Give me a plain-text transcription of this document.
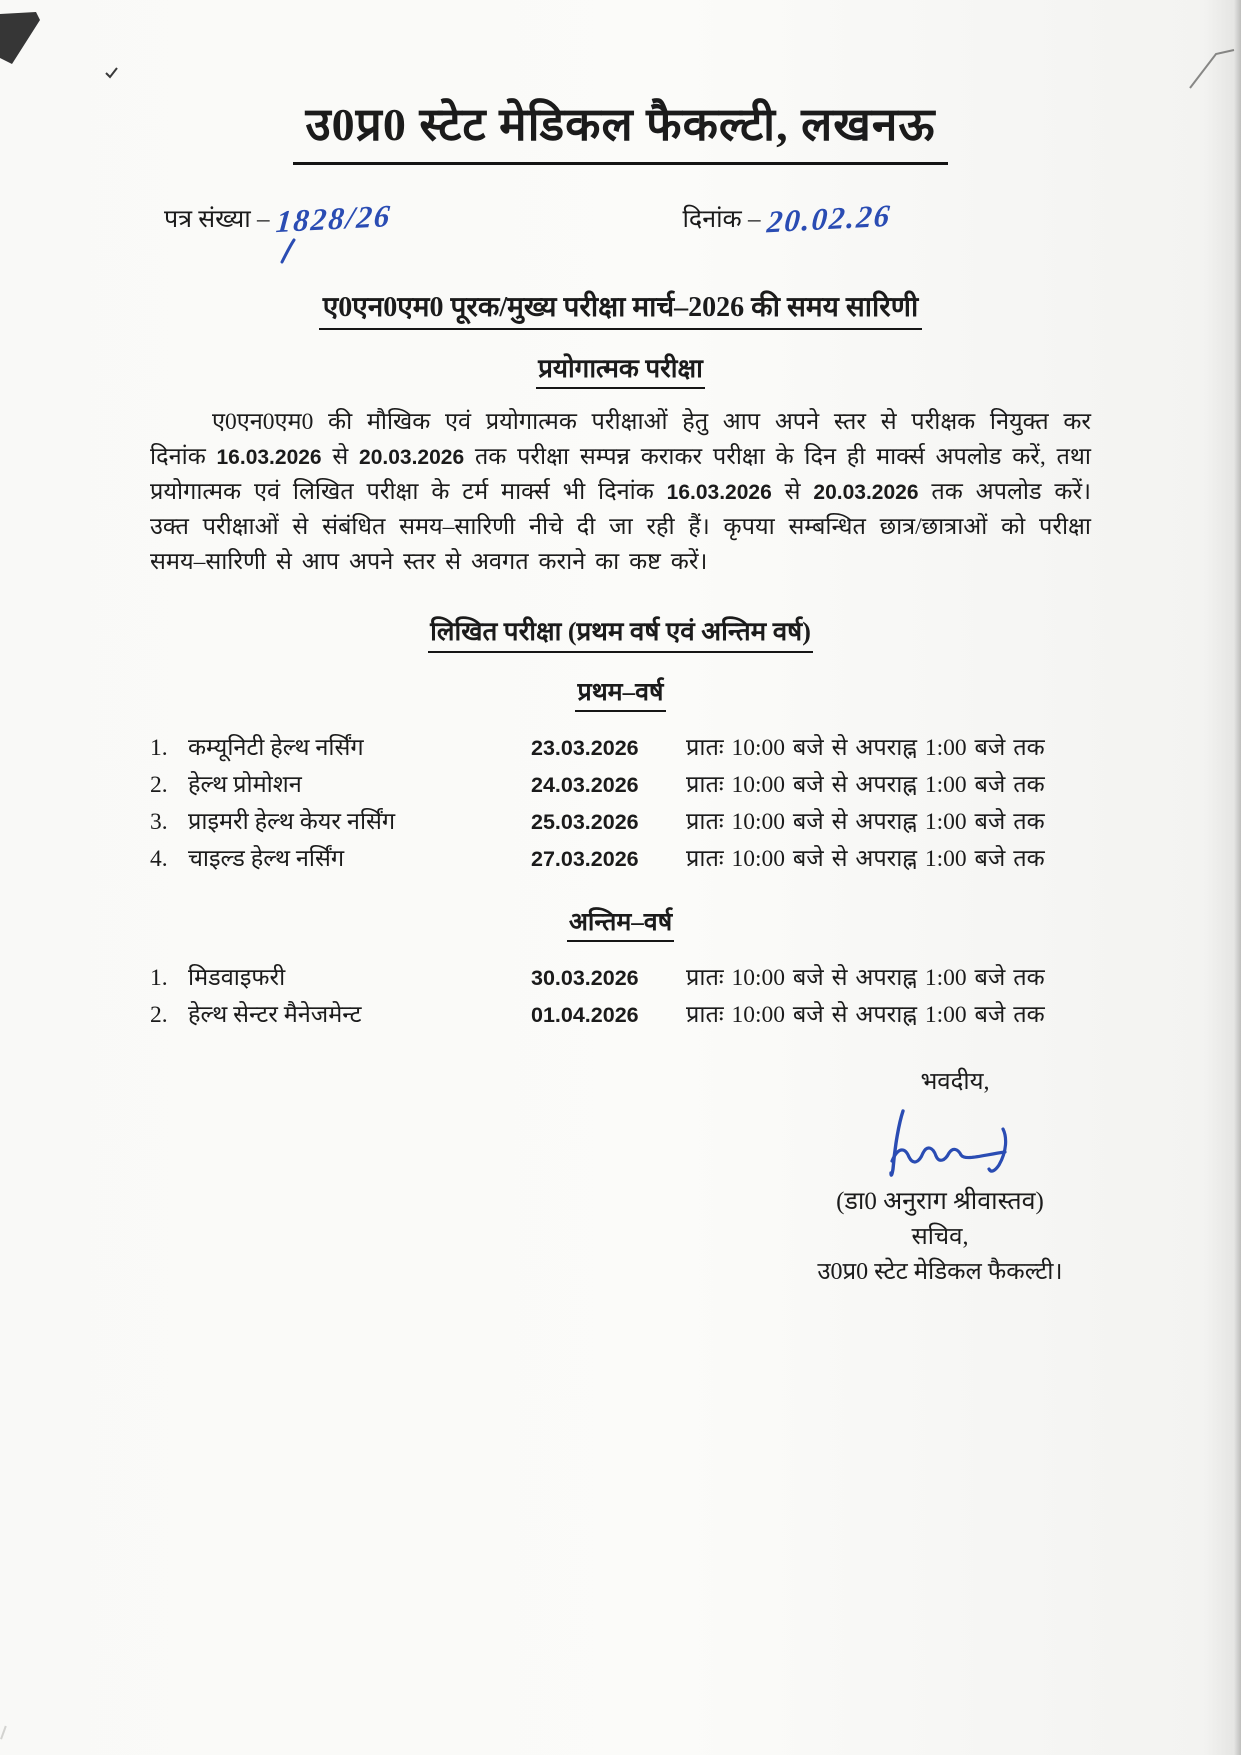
उ0प्र0 स्टेट मेडिकल फैकल्टी, लखनऊ
पत्र संख्या – 1828/26	दिनांक – 20.02.26
ए0एन0एम0 पूरक/मुख्य परीक्षा मार्च–2026 की समय सारिणी
प्रयोगात्मक परीक्षा
ए0एन0एम0 की मौखिक एवं प्रयोगात्मक परीक्षाओं हेतु आप अपने स्तर से परीक्षक नियुक्त कर दिनांक 16.03.2026 से 20.03.2026 तक परीक्षा सम्पन्न कराकर परीक्षा के दिन ही मार्क्स अपलोड करें, तथा प्रयोगात्मक एवं लिखित परीक्षा के टर्म मार्क्स भी दिनांक 16.03.2026 से 20.03.2026 तक अपलोड करें। उक्त परीक्षाओं से संबंधित समय–सारिणी नीचे दी जा रही हैं। कृपया सम्बन्धित छात्र/छात्राओं को परीक्षा समय–सारिणी से आप अपने स्तर से अवगत कराने का कष्ट करें।
लिखित परीक्षा (प्रथम वर्ष एवं अन्तिम वर्ष)
प्रथम–वर्ष
1. कम्यूनिटी हेल्थ नर्सिंग	23.03.2026	प्रातः 10:00 बजे से अपराह्न 1:00 बजे तक
2. हेल्थ प्रोमोशन	24.03.2026	प्रातः 10:00 बजे से अपराह्न 1:00 बजे तक
3. प्राइमरी हेल्थ केयर नर्सिंग	25.03.2026	प्रातः 10:00 बजे से अपराह्न 1:00 बजे तक
4. चाइल्ड हेल्थ नर्सिंग	27.03.2026	प्रातः 10:00 बजे से अपराह्न 1:00 बजे तक
अन्तिम–वर्ष
1. मिडवाइफरी	30.03.2026	प्रातः 10:00 बजे से अपराह्न 1:00 बजे तक
2. हेल्थ सेन्टर मैनेजमेन्ट	01.04.2026	प्रातः 10:00 बजे से अपराह्न 1:00 बजे तक
भवदीय,
(डा0 अनुराग श्रीवास्तव)
सचिव,
उ0प्र0 स्टेट मेडिकल फैकल्टी।
